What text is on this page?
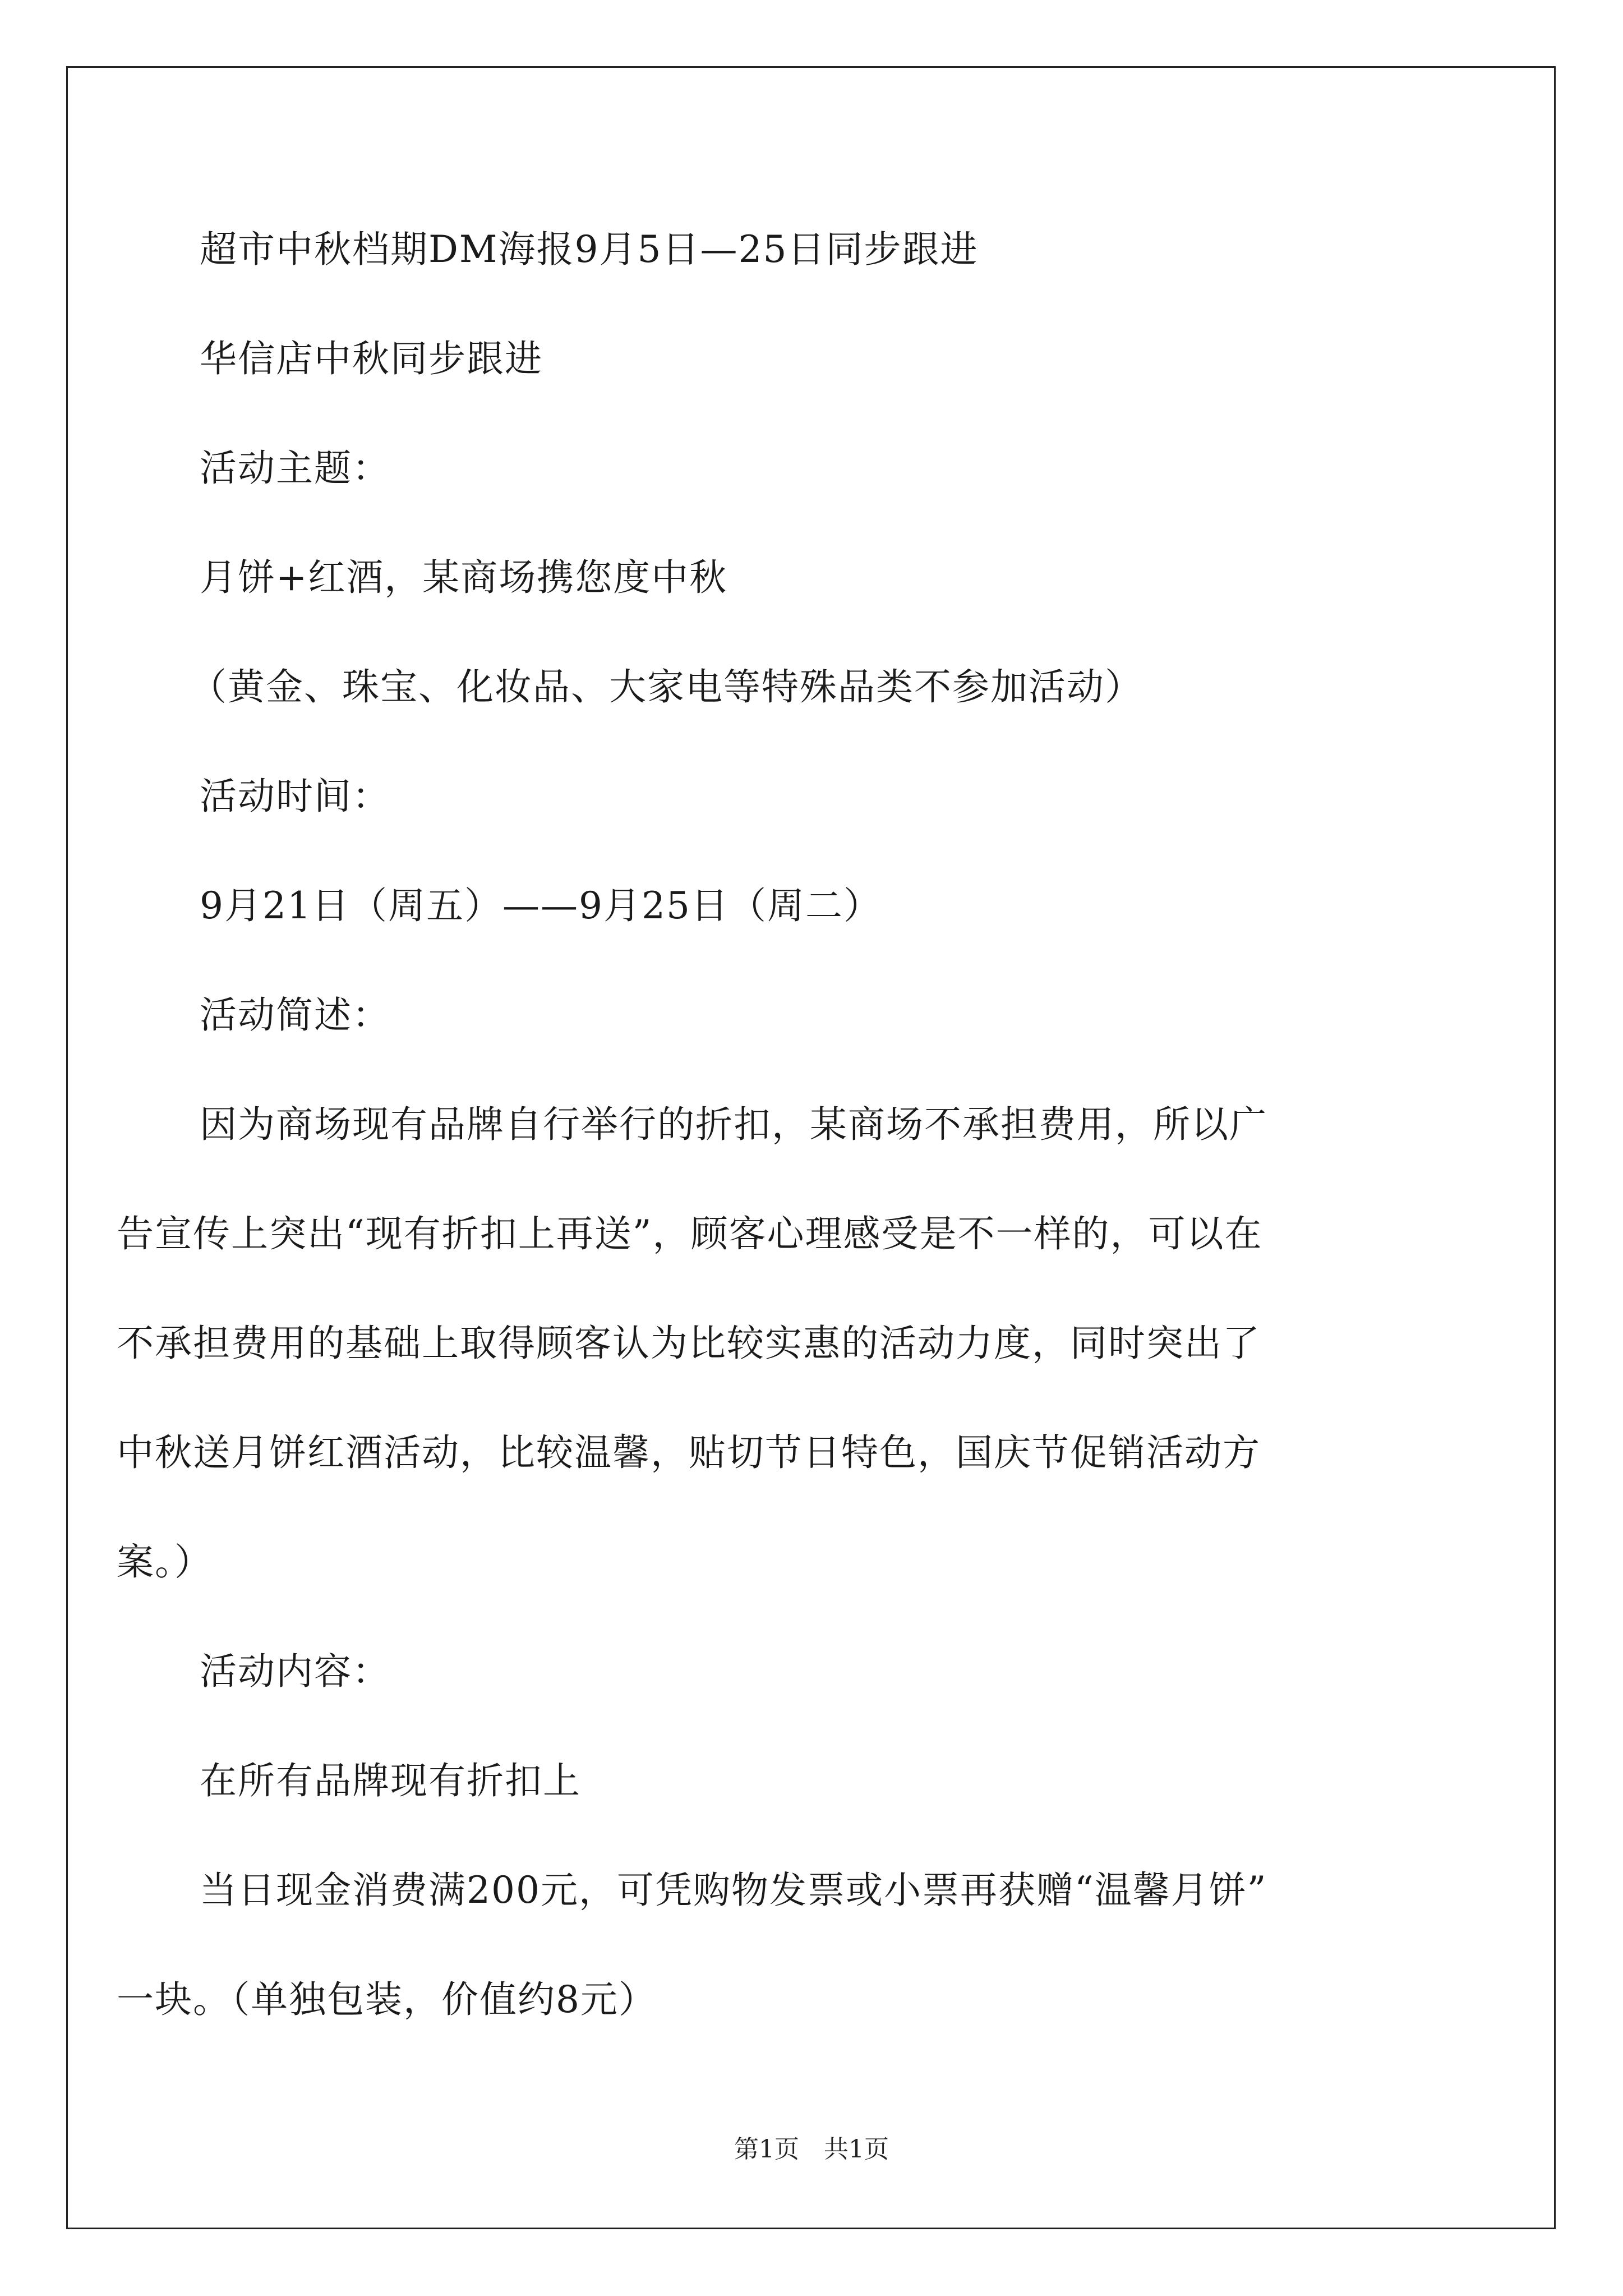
超市中秋档期DM海报9月5日—25日同步跟进
华信店中秋同步跟进
活动主题：
月饼+红酒，某商场携您度中秋
（黄金、珠宝、化妆品、大家电等特殊品类不参加活动）
活动时间：
9月21日（周五）——9月25日（周二）
活动简述：
因为商场现有品牌自行举行的折扣，某商场不承担费用，所以广
告宣传上突出“现有折扣上再送”，顾客心理感受是不一样的，可以在
不承担费用的基础上取得顾客认为比较实惠的活动力度，同时突出了
中秋送月饼红酒活动，比较温馨，贴切节日特色，国庆节促销活动方
案。）
活动内容：
在所有品牌现有折扣上
当日现金消费满200元，可凭购物发票或小票再获赠“温馨月饼”
一块。（单独包装，价值约8元）
第1页　共1页
